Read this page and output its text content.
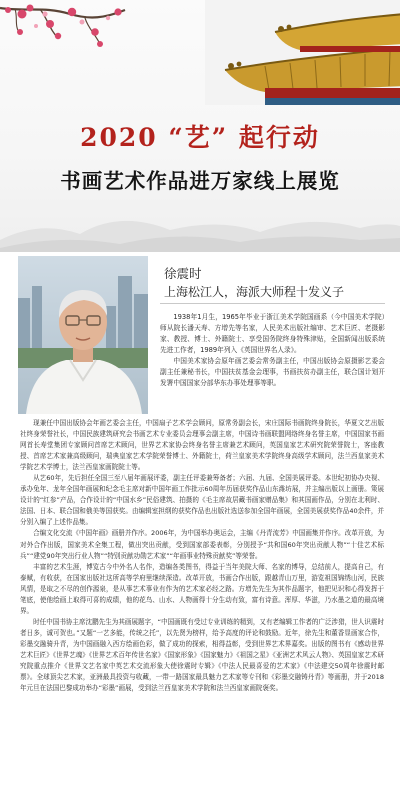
2020 “艺” 起行动
书画艺术作品进万家线上展览
徐震时
上海松江人，海派大师程十发义子

1938年1月生，1965年毕业于浙江美术学院国画系（今中国美术学院）师从院长潘天寿、方增先等名家，人民美术出版社编审、艺术巨匠、老摄影家、教授、博士、外籍院士、享受国务院终身特殊津贴，全国新闻出版系统先进工作者，1989年列入《英国世界名人录》。

中国美术家协会原年画艺委会常务副主任，中国出版协会原摄影艺委会副主任兼秘书长，中国扶贫基金会理事，书画扶贫办副主任，联合国计划开发署中国国家分部华东办事处理事等职。

现兼任中国出版协会年画艺委会主任，中国扇子艺术学会顾问，原常务副会长，宋庄国际书画院终身院长，华夏文艺出版社终身荣誉社长，中国民族建筑研究会书画艺术专业委员会理事会副主席，中国诗书画联盟网络终身名誉主席，中国国家书画网首长寿堂集团专家顾问首席艺术顾问，世界艺术家协会终身名誉主席兼艺术顾问，英国皇家艺术研究院荣誉院士，客座教授、首席艺术家兼高级顾问，瑞典皇家艺术学院荣誉博士、外籍院士，荷兰皇家美术学院终身高级学术顾问，法兰西皇家美术学院艺术学博士，法兰西皇家画院院士等。

从艺60年，先后担任全国三至八届年画展评委，副主任评委兼筹备者；六届、九届、全国美展评委。本世纪初协办央视、承办兔年、龙年全国年画展和纪念毛主席对新中国年画工作批示60周年历届获奖作品山东潍坊展，并主编出版以上画册。策展设计的“红参”产品，合作设计的“中国水乡”民俗建筑、拍摄的《毛主席故居藏书画家赠品集》和其国画作品，分别在北利时、法国、日本、联合国和俄美等国获奖。由编辑室担纲的获奖作品也出版社选送参加全国年画展，全国美展获奖作品40余件，并分别入编了上述作品集。

合编文化交流《中国年画》画册并作序。2006年，为中国举办奥运会，主编《丹青流芳》中国画集并作序。改革开放，为对外合作出版，国家美术全集工程，做出突出贡献，受到国家部委表彰，分别授予“共和国60年突出贡献人物”“十佳艺术标兵”“建党90年突出行业人物”“特别贡献功勋艺术家”“年画事业特殊贡献奖”等荣誉。

丰富的艺术生涯，博览古今中外名人名作，造编各类图书，得益于当年美院大师、名家的博导，总结前人，提高自己，有泰赋，有收获，在国家出版社这所高等学府里继续深造。改革开放，书画合作出版，跟越青山万里，游览祖国锦绣山河，民族风情，是取之不尽的创作源泉，是从事艺术事业有作为的艺术家必经之路。方增先先生为其作品题字，他把见识和心得发挥于笔底，使他绘画上取得可喜的成绩，他的花鸟、山水、人物画得十分生动有致，富有诗意。浑厚、华滋，乃水墨之道的最高境界。

时任中国书协主席沈鹏先生为其画展题字，“中国画既有受过专业训练的精到，又有老编辑工作者的广泛涉猎，世人识震时者日多，诚可贺也。”又题“一艺多能，传统之托”，以先贤为榜样，给予高度的评论和鼓励。近年，徐先生和董香显画家合作，彩墨交融骑升青，为中国画融入西方绘画色彩，做了成功的探索，相得益彰，受到世界艺术界嘉奖。出版的图书有《感动世界艺术巨匠》《世界艺魂》《世界艺术百年传世名家》《国家形象》《国家魅力》《祖国之星》《亚洲艺术风云人物》、英国皇家艺术研究院重点推介《世界文艺名家中英艺术交流形象大使徐震时专辑》《中法人民最喜爱的艺术家》《中法建交50周年徐震时邮票》。全球顶尖艺术家，亚洲最具投资与收藏，一带一路国家最具魅力艺术家等专刊和《彩墨交融铸丹青》等画册，并于2018年元旦在法国巴黎成功举办“彩墨”画展，受到法兰西皇家美术学院和法兰西皇家画院褒奖。
